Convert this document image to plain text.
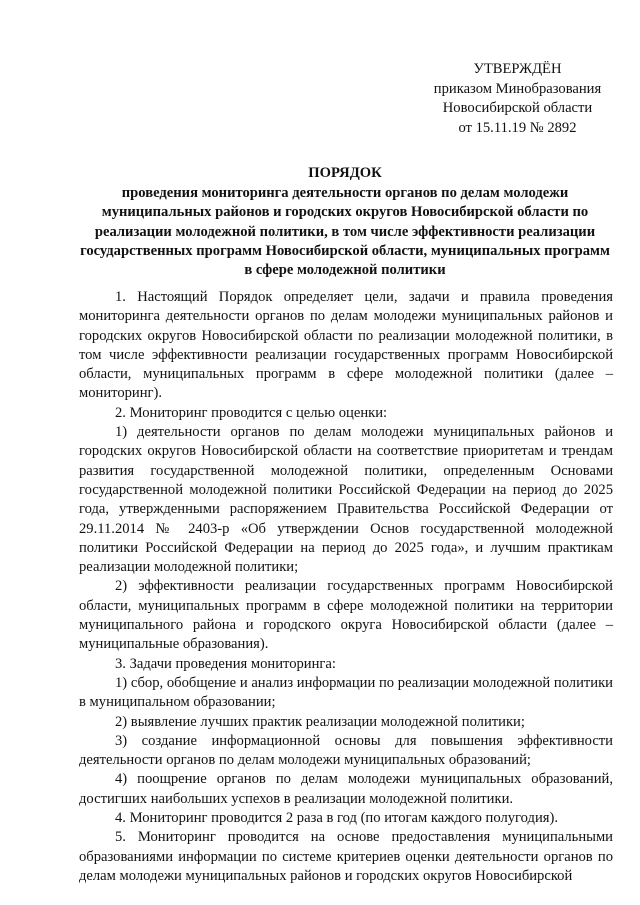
УТВЕРЖДЁН
приказом Минобразования
Новосибирской области
от 15.11.19 № 2892
ПОРЯДОК
проведения мониторинга деятельности органов по делам молодежи муниципальных районов и городских округов Новосибирской области по реализации молодежной политики, в том числе эффективности реализации государственных программ Новосибирской области, муниципальных программ в сфере молодежной политики

1. Настоящий Порядок определяет цели, задачи и правила проведения мониторинга деятельности органов по делам молодежи муниципальных районов и городских округов Новосибирской области по реализации молодежной политики, в том числе эффективности реализации государственных программ Новосибирской области, муниципальных программ в сфере молодежной политики (далее – мониторинг).

2. Мониторинг проводится с целью оценки:

1) деятельности органов по делам молодежи муниципальных районов и городских округов Новосибирской области на соответствие приоритетам и трендам развития государственной молодежной политики, определенным Основами государственной молодежной политики Российской Федерации на период до 2025 года, утвержденными распоряжением Правительства Российской Федерации от 29.11.2014 № 2403-р «Об утверждении Основ государственной молодежной политики Российской Федерации на период до 2025 года», и лучшим практикам реализации молодежной политики;

2) эффективности реализации государственных программ Новосибирской области, муниципальных программ в сфере молодежной политики на территории муниципального района и городского округа Новосибирской области (далее – муниципальные образования).

3. Задачи проведения мониторинга:

1) сбор, обобщение и анализ информации по реализации молодежной политики в муниципальном образовании;

2) выявление лучших практик реализации молодежной политики;

3) создание информационной основы для повышения эффективности деятельности органов по делам молодежи муниципальных образований;

4) поощрение органов по делам молодежи муниципальных образований, достигших наибольших успехов в реализации молодежной политики.

4. Мониторинг проводится 2 раза в год (по итогам каждого полугодия).

5. Мониторинг проводится на основе предоставления муниципальными образованиями информации по системе критериев оценки деятельности органов по делам молодежи муниципальных районов и городских округов Новосибирской
